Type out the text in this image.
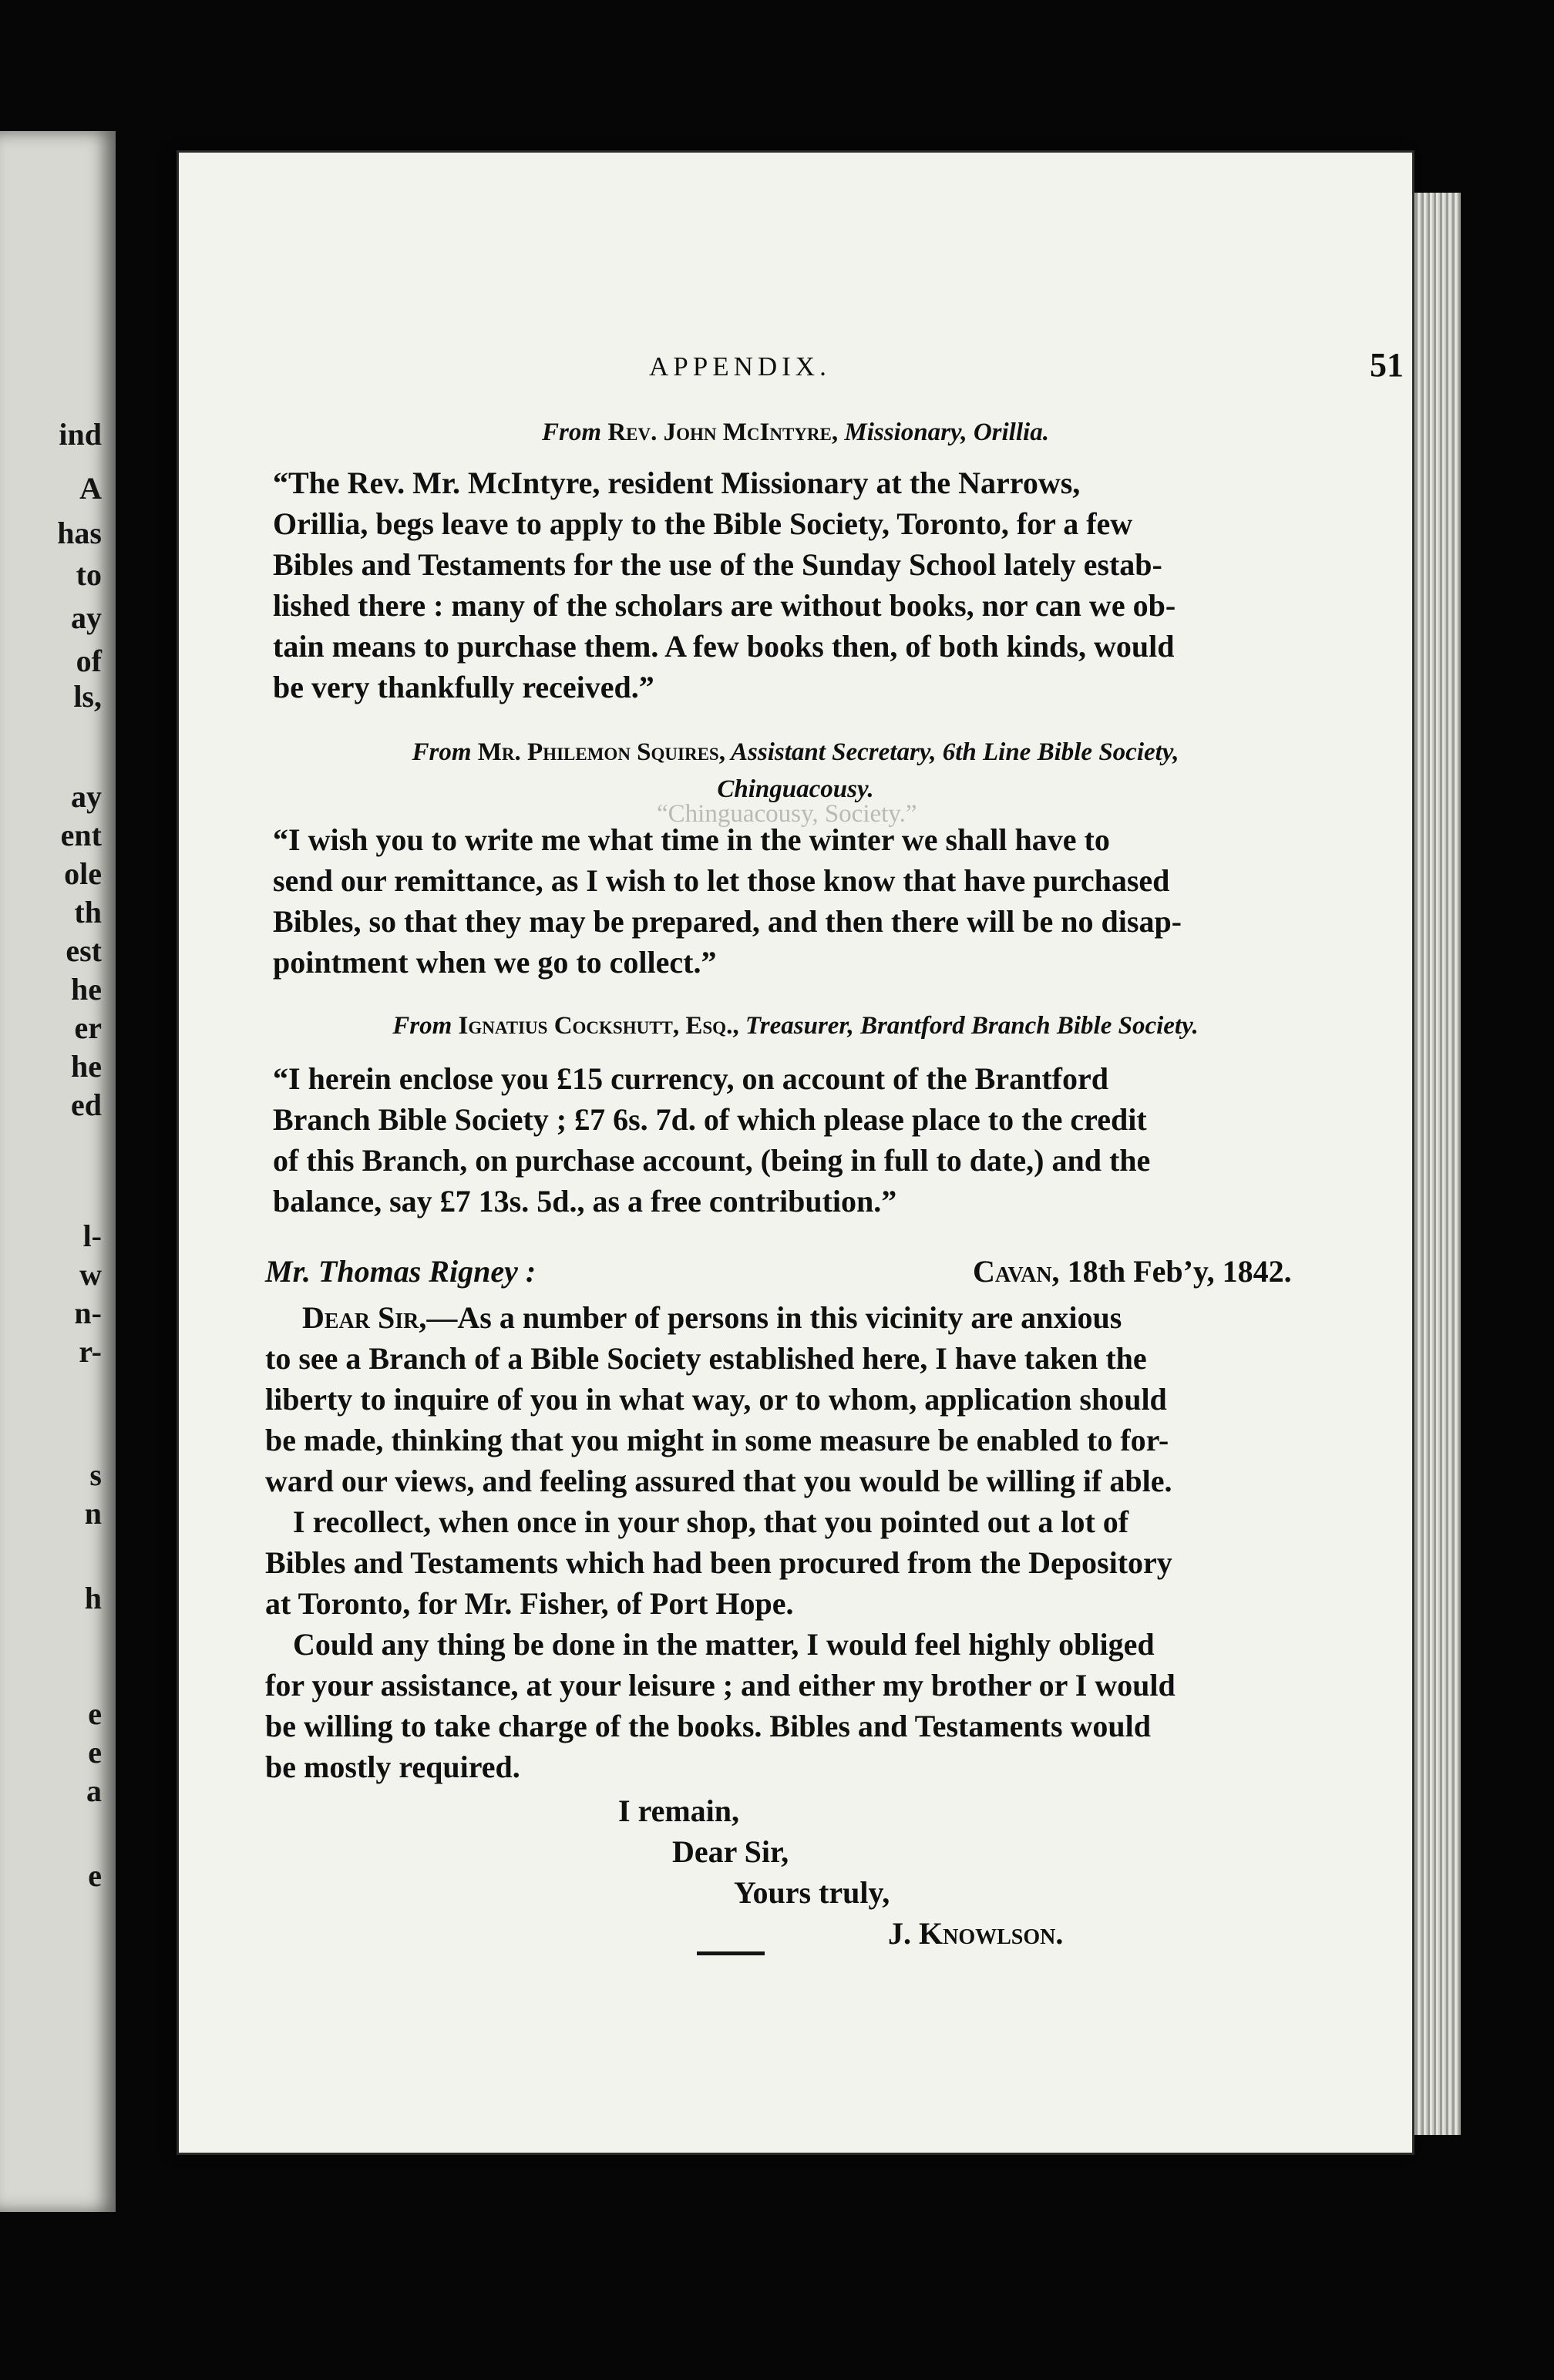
ind
A
has
to
ay
of
ls,
ay
ent
ole
th
est
he
er
he
ed
l-
w
n-
r-
s
n
h
e
e
a
e
“Chinguacousy, Society.”
APPENDIX.	51
From Rev. John McIntyre, Missionary, Orillia.
“The Rev. Mr. McIntyre, resident Missionary at the Narrows,
Orillia, begs leave to apply to the Bible Society, Toronto, for a few
Bibles and Testaments for the use of the Sunday School lately estab-
lished there : many of the scholars are without books, nor can we ob-
tain means to purchase them. A few books then, of both kinds, would
be very thankfully received.”
From Mr. Philemon Squires, Assistant Secretary, 6th Line Bible Society,
Chinguacousy.
“I wish you to write me what time in the winter we shall have to
send our remittance, as I wish to let those know that have purchased
Bibles, so that they may be prepared, and then there will be no disap-
pointment when we go to collect.”
From Ignatius Cockshutt, Esq., Treasurer, Brantford Branch Bible Society.
“I herein enclose you £15 currency, on account of the Brantford
Branch Bible Society ; £7 6s. 7d. of which please place to the credit
of this Branch, on purchase account, (being in full to date,) and the
balance, say £7 13s. 5d., as a free contribution.”
Mr. Thomas Rigney :	Cavan, 18th Feb’y, 1842.
Dear Sir,—As a number of persons in this vicinity are anxious
to see a Branch of a Bible Society established here, I have taken the
liberty to inquire of you in what way, or to whom, application should
be made, thinking that you might in some measure be enabled to for-
ward our views, and feeling assured that you would be willing if able.
I recollect, when once in your shop, that you pointed out a lot of
Bibles and Testaments which had been procured from the Depository
at Toronto, for Mr. Fisher, of Port Hope.
Could any thing be done in the matter, I would feel highly obliged
for your assistance, at your leisure ; and either my brother or I would
be willing to take charge of the books. Bibles and Testaments would
be mostly required.
I remain,
Dear Sir,
Yours truly,
J. Knowlson.
